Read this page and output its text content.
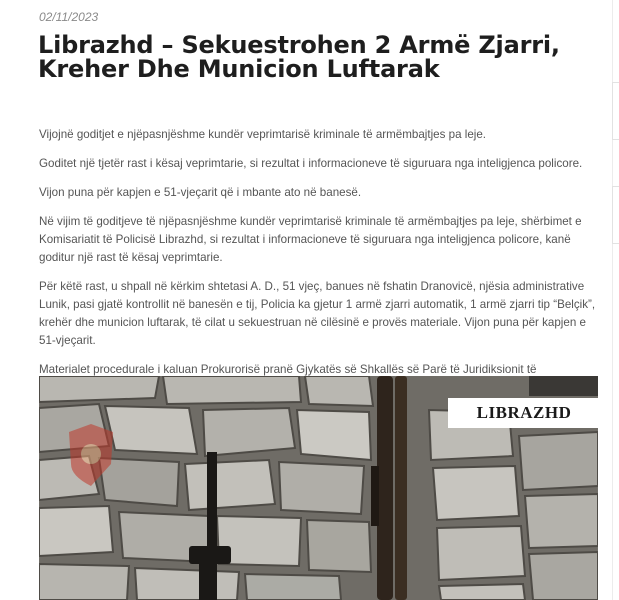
02/11/2023
Librazhd – Sekuestrohen 2 Armë Zjarri, Kreher Dhe Municion Luftarak

Vijojnë goditjet e njëpasnjëshme kundër veprimtarisë kriminale të armëmbajtjes pa leje.

Goditet një tjetër rast i kësaj veprimtarie, si rezultat i informacioneve të siguruara nga inteligjenca policore.

Vijon puna për kapjen e 51-vjeçarit që i mbante ato në banesë.

Në vijim të goditjeve të njëpasnjëshme kundër veprimtarisë kriminale të armëmbajtjes pa leje, shërbimet e Komisariatit të Policisë Librazhd, si rezultat i informacioneve të siguruara nga inteligjenca policore, kanë goditur një rast të kësaj veprimtarie.

Për këtë rast, u shpall në kërkim shtetasi A. D., 51 vjeç, banues në fshatin Dranovicë, njësia administrative Lunik, pasi gjatë kontrollit në banesën e tij, Policia ka gjetur 1 armë zjarri automatik, 1 armë zjarri tip “Belçik”, krehër dhe municion luftarak, të cilat u sekuestruan në cilësinë e provës materiale. Vijon puna për kapjen e 51-vjeçarit.

Materialet procedurale i kaluan Prokurorisë pranë Gjykatës së Shkallës së Parë të Juridiksionit të

LIBRAZHD
